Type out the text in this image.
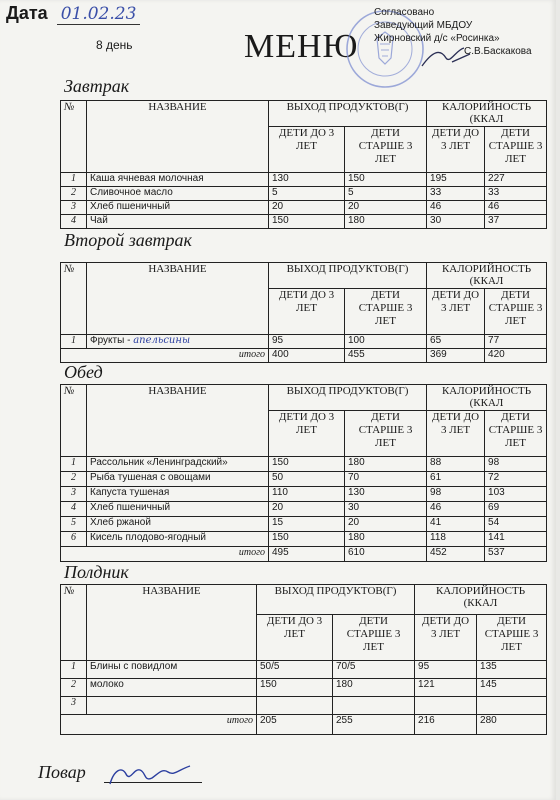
Дата 01.02.23
8 день	МЕНЮ
Согласовано
Заведующий МБДОУ
Жирновский д/с «Росинка»
С.В.Баскакова
Завтрак
№	НАЗВАНИЕ	ВЫХОД ПРОДУКТОВ(Г)		КАЛОРИЙНОСТЬ (ККАЛ	
		ДЕТИ ДО 3 ЛЕТ	ДЕТИ СТАРШЕ 3 ЛЕТ	ДЕТИ ДО 3 ЛЕТ	ДЕТИ СТАРШЕ 3 ЛЕТ
1	Каша ячневая молочная	130	150	195	227
2	Сливочное масло	5	5	33	33
3	Хлеб пшеничный	20	20	46	46
4	Чай	150	180	30	37
Второй завтрак
№	НАЗВАНИЕ	ВЫХОД ПРОДУКТОВ(Г)		КАЛОРИЙНОСТЬ (ККАЛ	
		ДЕТИ ДО 3 ЛЕТ	ДЕТИ СТАРШЕ 3 ЛЕТ	ДЕТИ ДО 3 ЛЕТ	ДЕТИ СТАРШЕ 3 ЛЕТ
1	Фрукты - апельсины	95	100	65	77
итого		400	455	369	420
Обед
№	НАЗВАНИЕ	ВЫХОД ПРОДУКТОВ(Г)		КАЛОРИЙНОСТЬ (ККАЛ	
		ДЕТИ ДО 3 ЛЕТ	ДЕТИ СТАРШЕ 3 ЛЕТ	ДЕТИ ДО 3 ЛЕТ	ДЕТИ СТАРШЕ 3 ЛЕТ
1	Рассольник «Ленинградский»	150	180	88	98
2	Рыба тушеная с овощами	50	70	61	72
3	Капуста тушеная	110	130	98	103
4	Хлеб пшеничный	20	30	46	69
5	Хлеб ржаной	15	20	41	54
6	Кисель плодово-ягодный	150	180	118	141
итого		495	610	452	537
Полдник
№	НАЗВАНИЕ	ВЫХОД ПРОДУКТОВ(Г)		КАЛОРИЙНОСТЬ (ККАЛ	
		ДЕТИ ДО 3 ЛЕТ	ДЕТИ СТАРШЕ 3 ЛЕТ	ДЕТИ ДО 3 ЛЕТ	ДЕТИ СТАРШЕ 3 ЛЕТ
1	Блины с повидлом	50/5	70/5	95	135
2	молоко	150	180	121	145
3					
итого		205	255	216	280
Повар
